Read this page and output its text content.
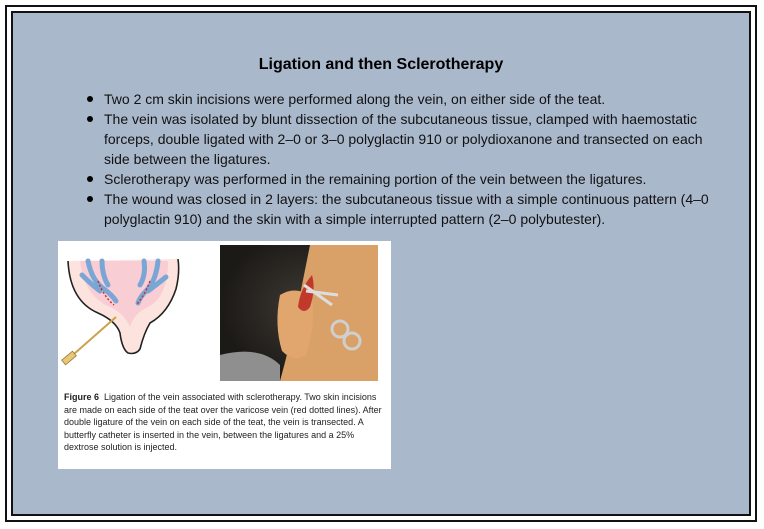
Ligation and then Sclerotherapy
Two 2 cm skin incisions were performed along the vein, on either side of the teat.
The vein was isolated by blunt dissection of the subcutaneous tissue, clamped with haemostatic forceps, double ligated with 2–0 or 3–0 polyglactin 910 or polydioxanone and transected on each side between the ligatures.
Sclerotherapy was performed in the remaining portion of the vein between the ligatures.
The wound was closed in 2 layers: the subcutaneous tissue with a simple continuous pattern (4–0 polyglactin 910) and the skin with a simple interrupted pattern (2–0 polybutester).
Figure 6 Ligation of the vein associated with sclerotherapy. Two skin incisions are made on each side of the teat over the varicose vein (red dotted lines). After double ligature of the vein on each side of the teat, the vein is transected. A butterfly catheter is inserted in the vein, between the ligatures and a 25% dextrose solution is injected.
